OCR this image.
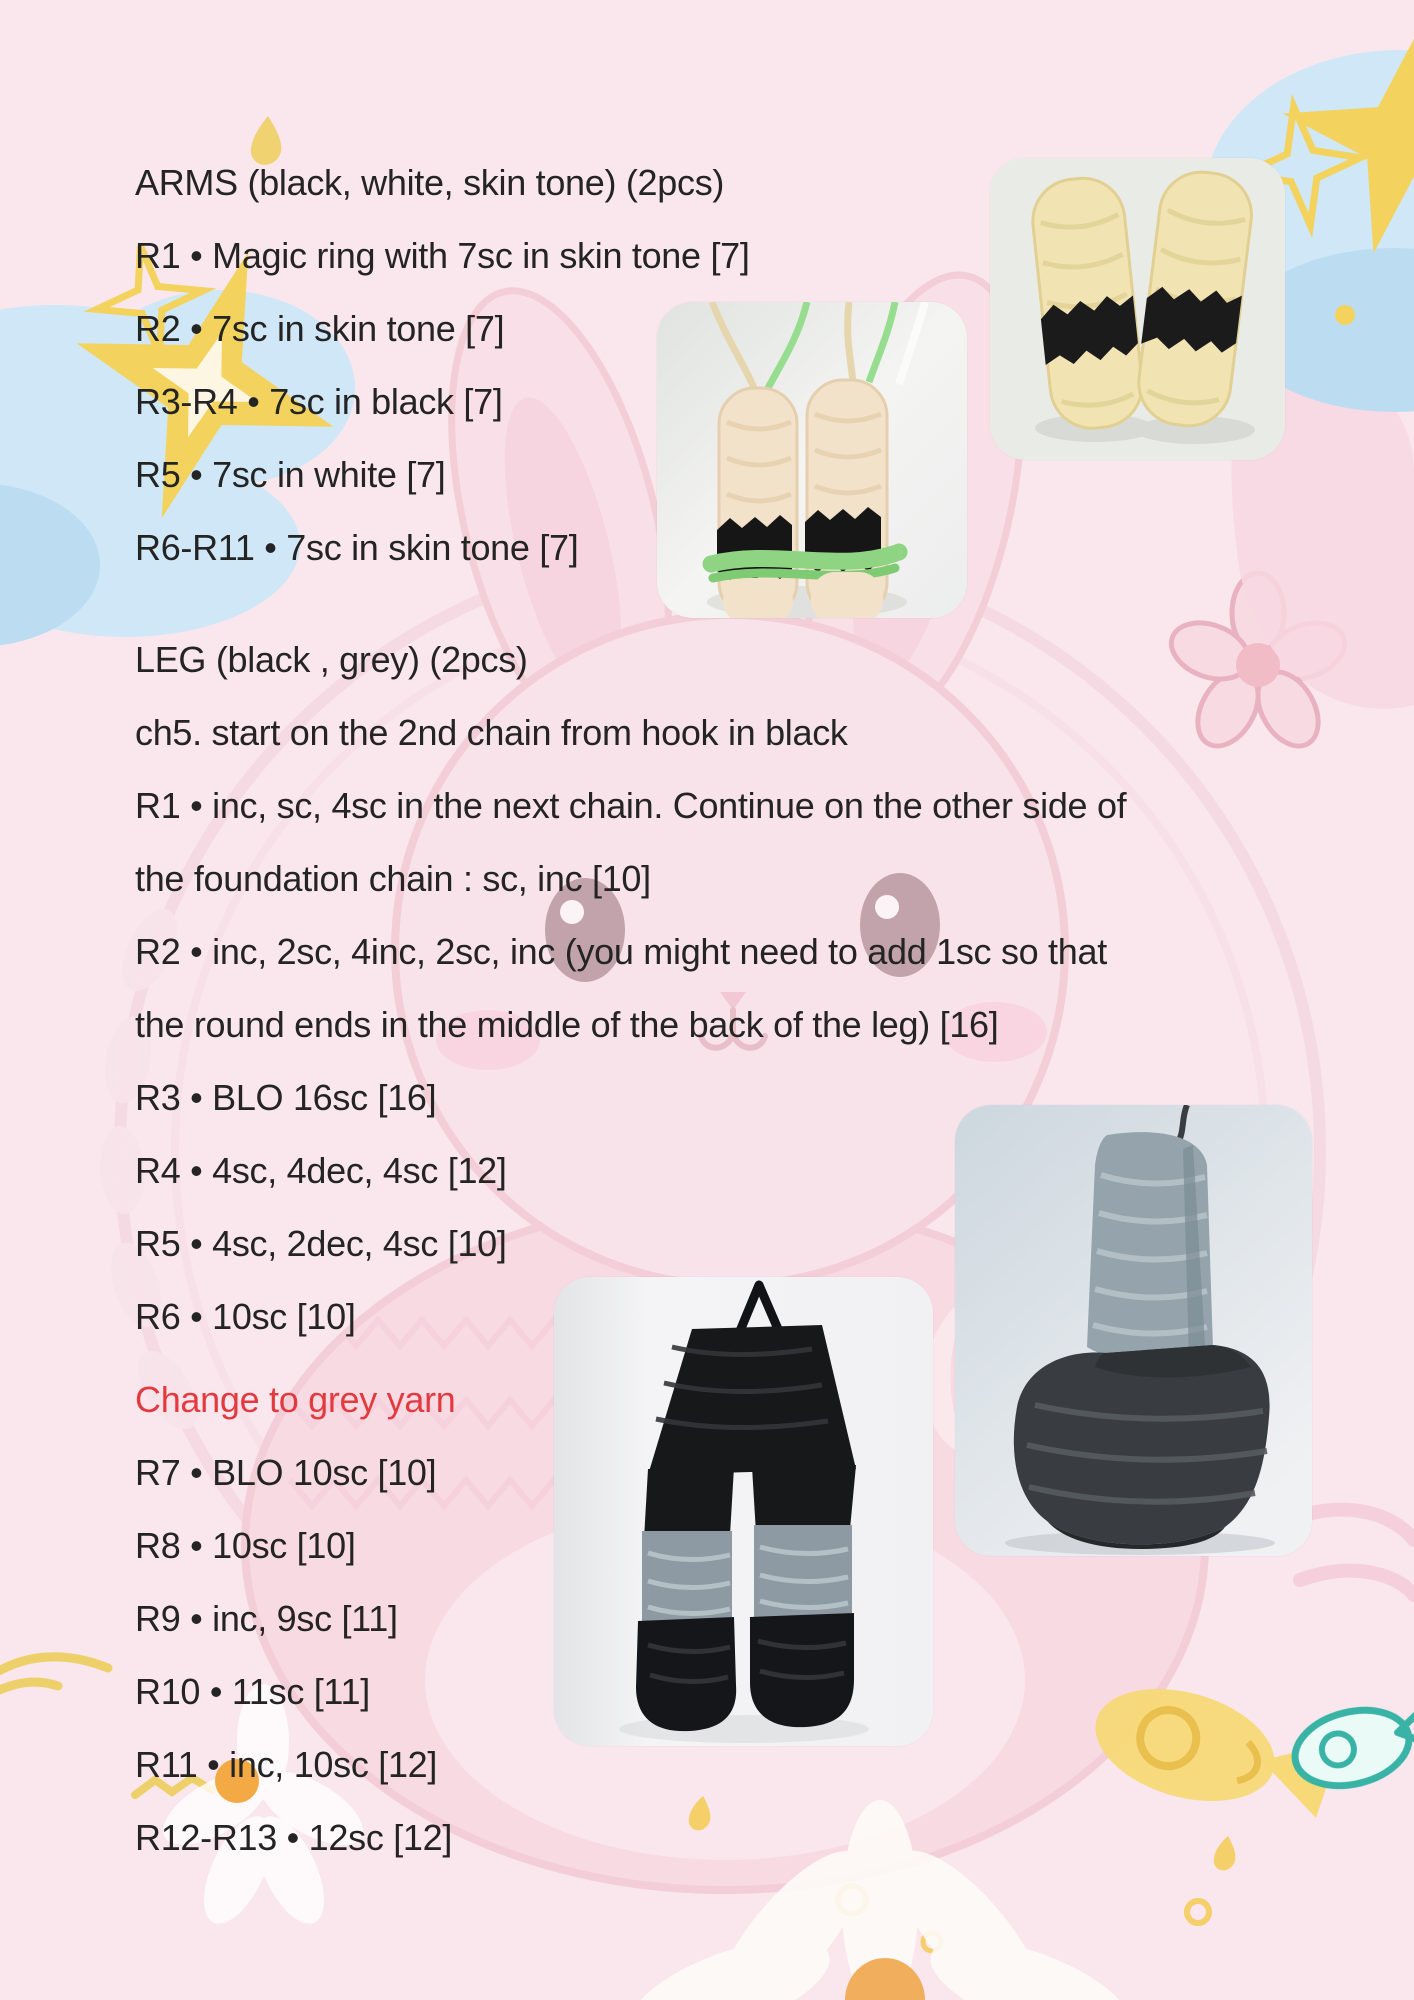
ARMS (black, white, skin tone) (2pcs)
R1 • Magic ring with 7sc in skin tone [7]
R2 • 7sc in skin tone [7]
R3-R4 • 7sc in black [7]
R5 • 7sc in white [7]
R6-R11 • 7sc in skin tone [7]
LEG (black , grey) (2pcs)
ch5. start on the 2nd chain from hook in black
R1 • inc, sc, 4sc in the next chain. Continue on the other side of
the foundation chain : sc, inc [10]
R2 • inc, 2sc, 4inc, 2sc, inc (you might need to add 1sc so that
the round ends in the middle of the back of the leg) [16]
R3 • BLO 16sc [16]
R4 • 4sc, 4dec, 4sc [12]
R5 • 4sc, 2dec, 4sc [10]
R6 • 10sc [10]
Change to grey yarn
R7 • BLO 10sc [10]
R8 • 10sc [10]
R9 • inc, 9sc [11]
R10 • 11sc [11]
R11 • inc, 10sc [12]
R12-R13 • 12sc [12]
